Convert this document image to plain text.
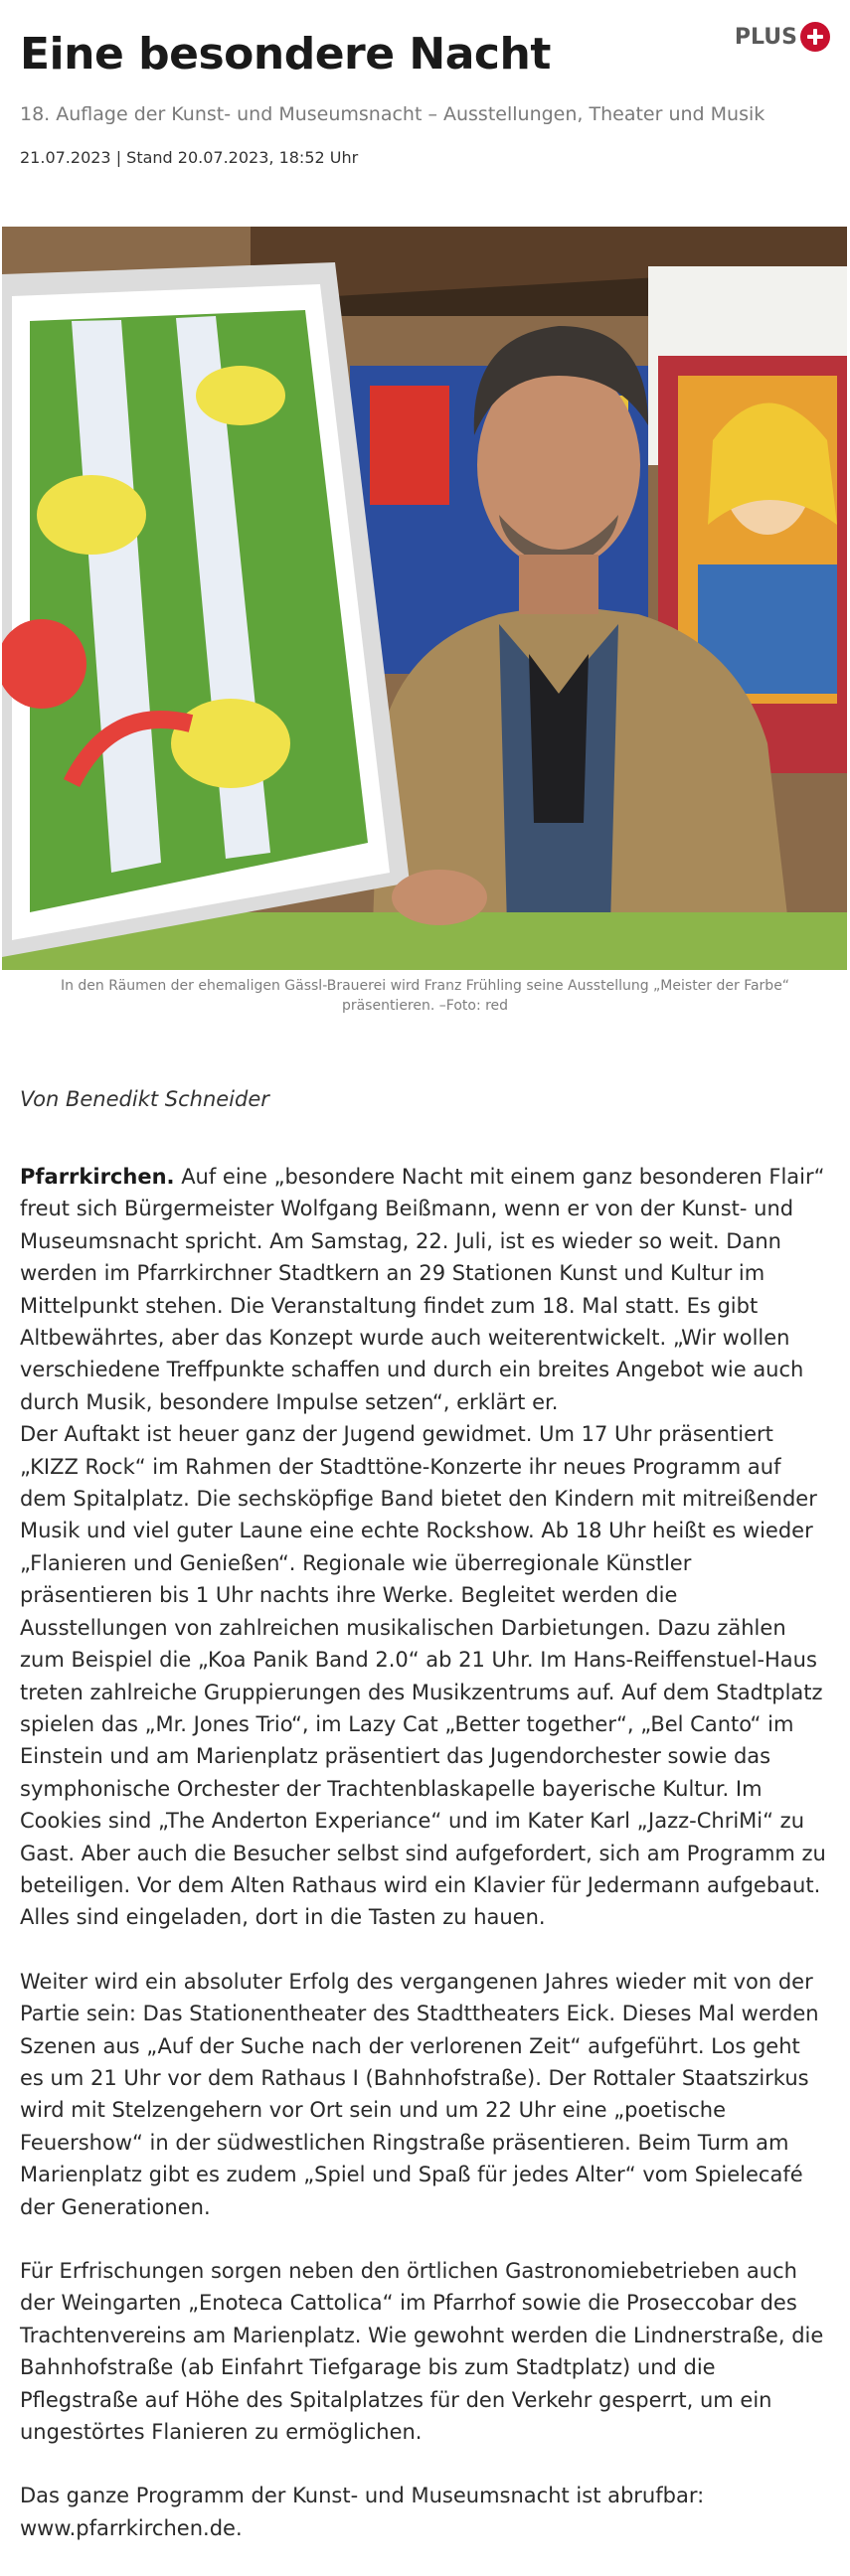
Eine besondere Nacht	PLUS
18. Auflage der Kunst- und Museumsnacht – Ausstellungen, Theater und Musik
21.07.2023 | Stand 20.07.2023, 18:52 Uhr
In den Räumen der ehemaligen Gässl-Brauerei wird Franz Frühling seine Ausstellung „Meister der Farbe“ präsentieren. –Foto: red
Von Benedikt Schneider

Pfarrkirchen. Auf eine „besondere Nacht mit einem ganz besonderen Flair“ freut sich Bürgermeister Wolfgang Beißmann, wenn er von der Kunst- und Museumsnacht spricht. Am Samstag, 22. Juli, ist es wieder so weit. Dann werden im Pfarrkirchner Stadtkern an 29 Stationen Kunst und Kultur im Mittelpunkt stehen. Die Veranstaltung findet zum 18. Mal statt. Es gibt Altbewährtes, aber das Konzept wurde auch weiterentwickelt. „Wir wollen verschiedene Treffpunkte schaffen und durch ein breites Angebot wie auch durch Musik, besondere Impulse setzen“, erklärt er.

Der Auftakt ist heuer ganz der Jugend gewidmet. Um 17 Uhr präsentiert „KIZZ Rock“ im Rahmen der Stadttöne-Konzerte ihr neues Programm auf dem Spitalplatz. Die sechsköpfige Band bietet den Kindern mit mitreißender Musik und viel guter Laune eine echte Rockshow. Ab 18 Uhr heißt es wieder „Flanieren und Genießen“. Regionale wie überregionale Künstler präsentieren bis 1 Uhr nachts ihre Werke. Begleitet werden die Ausstellungen von zahlreichen musikalischen Darbietungen. Dazu zählen zum Beispiel die „Koa Panik Band 2.0“ ab 21 Uhr. Im Hans-Reiffenstuel-Haus treten zahlreiche Gruppierungen des Musikzentrums auf. Auf dem Stadtplatz spielen das „Mr. Jones Trio“, im Lazy Cat „Better together“, „Bel Canto“ im Einstein und am Marienplatz präsentiert das Jugendorchester sowie das symphonische Orchester der Trachtenblaskapelle bayerische Kultur. Im Cookies sind „The Anderton Experiance“ und im Kater Karl „Jazz-ChriMi“ zu Gast. Aber auch die Besucher selbst sind aufgefordert, sich am Programm zu beteiligen. Vor dem Alten Rathaus wird ein Klavier für Jedermann aufgebaut. Alles sind eingeladen, dort in die Tasten zu hauen.

Weiter wird ein absoluter Erfolg des vergangenen Jahres wieder mit von der Partie sein: Das Stationentheater des Stadttheaters Eick. Dieses Mal werden Szenen aus „Auf der Suche nach der verlorenen Zeit“ aufgeführt. Los geht es um 21 Uhr vor dem Rathaus I (Bahnhofstraße). Der Rottaler Staatszirkus wird mit Stelzengehern vor Ort sein und um 22 Uhr eine „poetische Feuershow“ in der südwestlichen Ringstraße präsentieren. Beim Turm am Marienplatz gibt es zudem „Spiel und Spaß für jedes Alter“ vom Spielecafé der Generationen.

Für Erfrischungen sorgen neben den örtlichen Gastronomiebetrieben auch der Weingarten „Enoteca Cattolica“ im Pfarrhof sowie die Proseccobar des Trachtenvereins am Marienplatz. Wie gewohnt werden die Lindnerstraße, die Bahnhofstraße (ab Einfahrt Tiefgarage bis zum Stadtplatz) und die Pflegstraße auf Höhe des Spitalplatzes für den Verkehr gesperrt, um ein ungestörtes Flanieren zu ermöglichen.

Das ganze Programm der Kunst- und Museumsnacht ist abrufbar: www.pfarrkirchen.de.
